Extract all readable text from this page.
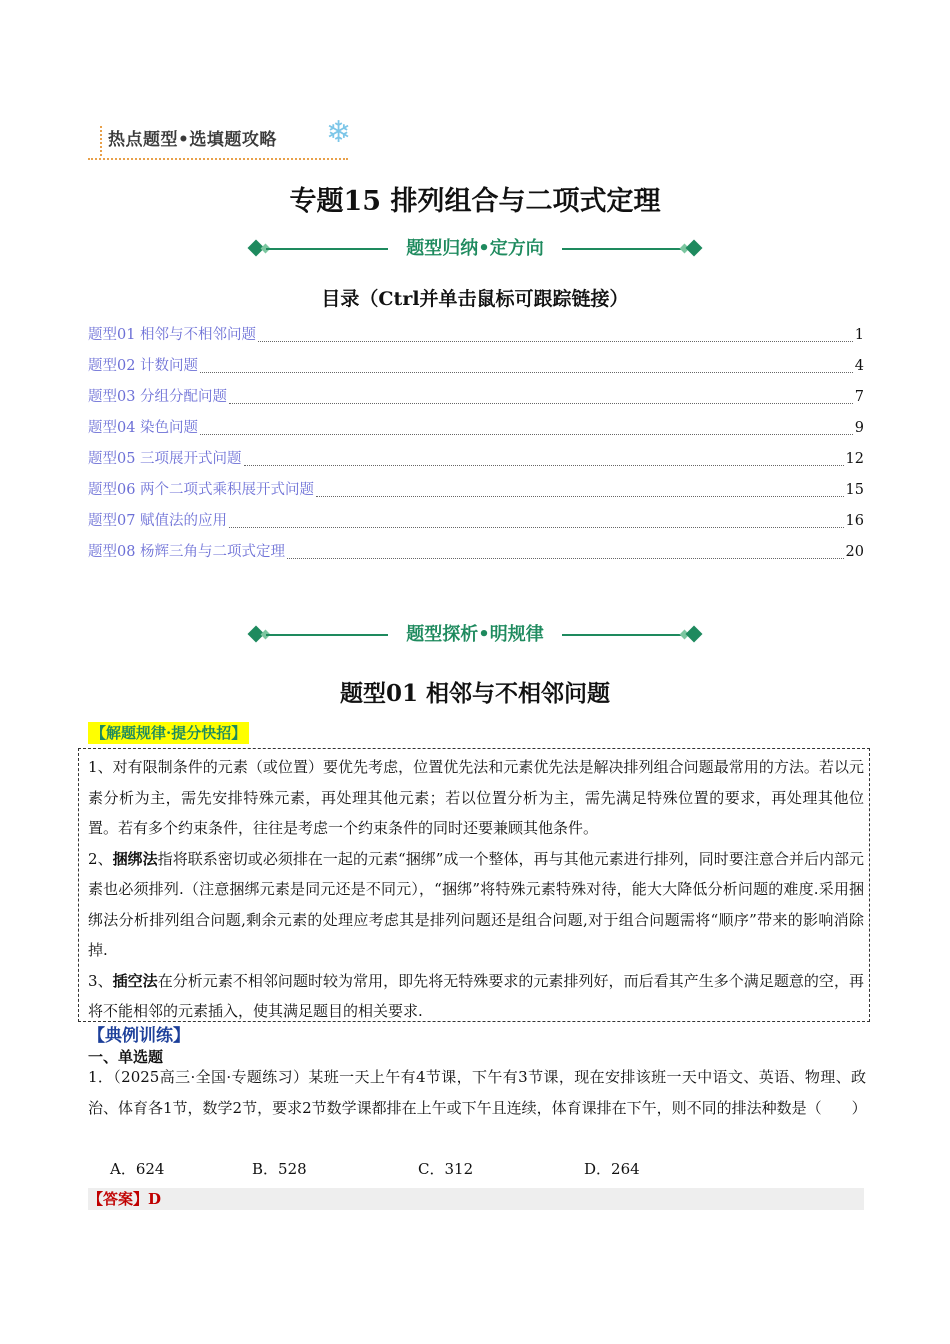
热点题型•选填题攻略 ❄
专题15 排列组合与二项式定理
题型归纳•定方向
目录（Ctrl并单击鼠标可跟踪链接）
题型01 相邻与不相邻问题	1
题型02 计数问题	4
题型03 分组分配问题	7
题型04 染色问题	9
题型05 三项展开式问题	12
题型06 两个二项式乘积展开式问题	15
题型07 赋值法的应用	16
题型08 杨辉三角与二项式定理	20
题型探析•明规律
题型01 相邻与不相邻问题
【解题规律·提分快招】

1、对有限制条件的元素（或位置）要优先考虑，位置优先法和元素优先法是解决排列组合问题最常用的方法。若以元素分析为主，需先安排特殊元素，再处理其他元素；若以位置分析为主，需先满足特殊位置的要求，再处理其他位置。若有多个约束条件，往往是考虑一个约束条件的同时还要兼顾其他条件。

2、捆绑法指将联系密切或必须排在一起的元素“捆绑”成一个整体，再与其他元素进行排列，同时要注意合并后内部元素也必须排列.（注意捆绑元素是同元还是不同元），“捆绑”将特殊元素特殊对待，能大大降低分析问题的难度.采用捆绑法分析排列组合问题,剩余元素的处理应考虑其是排列问题还是组合问题,对于组合问题需将“顺序”带来的影响消除掉.

3、插空法在分析元素不相邻问题时较为常用，即先将无特殊要求的元素排列好，而后看其产生多个满足题意的空，再将不能相邻的元素插入，使其满足题目的相关要求.

【典例训练】
一、单选题
1．（2025高三·全国·专题练习）某班一天上午有4节课，下午有3节课，现在安排该班一天中语文、英语、物理、政治、体育各1节，数学2节，要求2节数学课都排在上午或下午且连续，体育课排在下午，则不同的排法种数是（　　）
A．624	B．528	C．312	D．264
【答案】D
